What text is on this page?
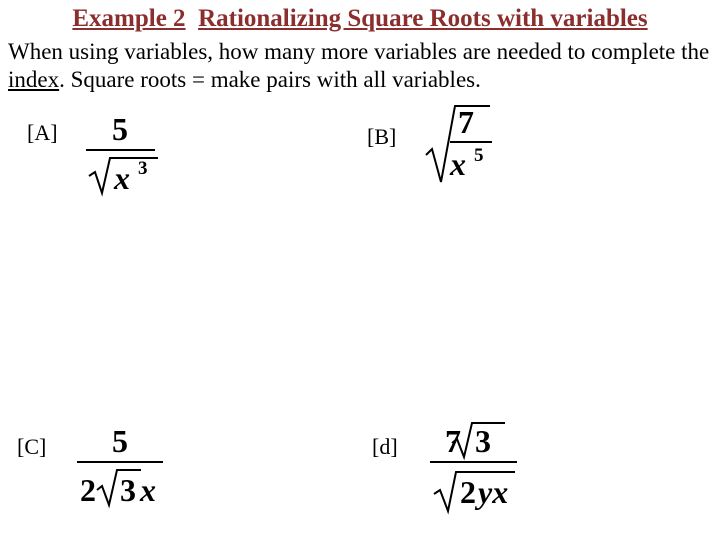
Example 2 Rationalizing Square Roots with variables
When using variables, how many more variables are needed to complete the index. Square roots = make pairs with all variables.
[A] 5
x 3
[B] 7
x 5
[C] 5
2 3 x
[d] 7 3
2 yx
